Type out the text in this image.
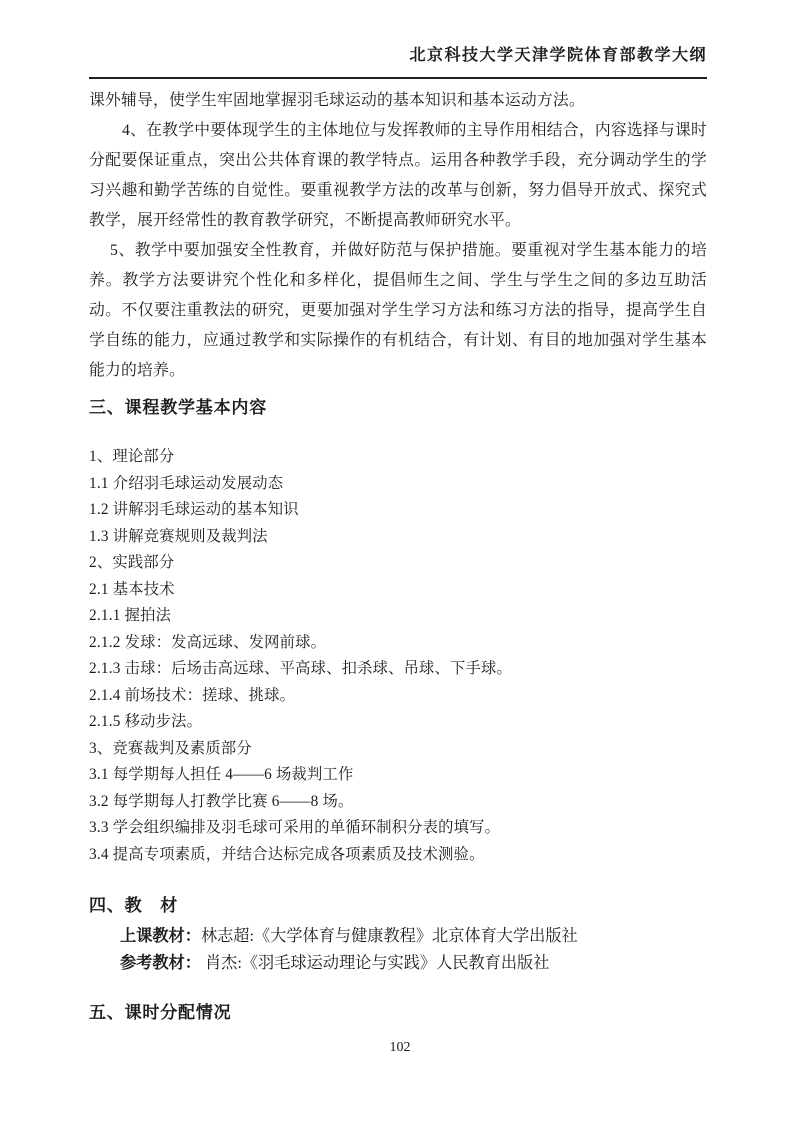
北京科技大学天津学院体育部教学大纲

课外辅导，使学生牢固地掌握羽毛球运动的基本知识和基本运动方法。

4、在教学中要体现学生的主体地位与发挥教师的主导作用相结合，内容选择与课时分配要保证重点，突出公共体育课的教学特点。运用各种教学手段，充分调动学生的学习兴趣和勤学苦练的自觉性。要重视教学方法的改革与创新，努力倡导开放式、探究式教学，展开经常性的教育教学研究，不断提高教师研究水平。

5、教学中要加强安全性教育，并做好防范与保护措施。要重视对学生基本能力的培养。教学方法要讲究个性化和多样化，提倡师生之间、学生与学生之间的多边互助活动。不仅要注重教法的研究，更要加强对学生学习方法和练习方法的指导，提高学生自学自练的能力，应通过教学和实际操作的有机结合，有计划、有目的地加强对学生基本能力的培养。

三、课程教学基本内容
1、理论部分
1.1 介绍羽毛球运动发展动态
1.2 讲解羽毛球运动的基本知识
1.3 讲解竞赛规则及裁判法
2、实践部分
2.1 基本技术
2.1.1 握拍法
2.1.2 发球：发高远球、发网前球。
2.1.3 击球：后场击高远球、平高球、扣杀球、吊球、下手球。
2.1.4 前场技术：搓球、挑球。
2.1.5 移动步法。
3、竞赛裁判及素质部分
3.1 每学期每人担任 4——6 场裁判工作
3.2 每学期每人打教学比赛 6——8 场。
3.3 学会组织编排及羽毛球可采用的单循环制积分表的填写。
3.4 提高专项素质，并结合达标完成各项素质及技术测验。
四、教　材
上课教材：林志超:《大学体育与健康教程》北京体育大学出版社
参考教材： 肖杰:《羽毛球运动理论与实践》人民教育出版社
五、课时分配情况
102
